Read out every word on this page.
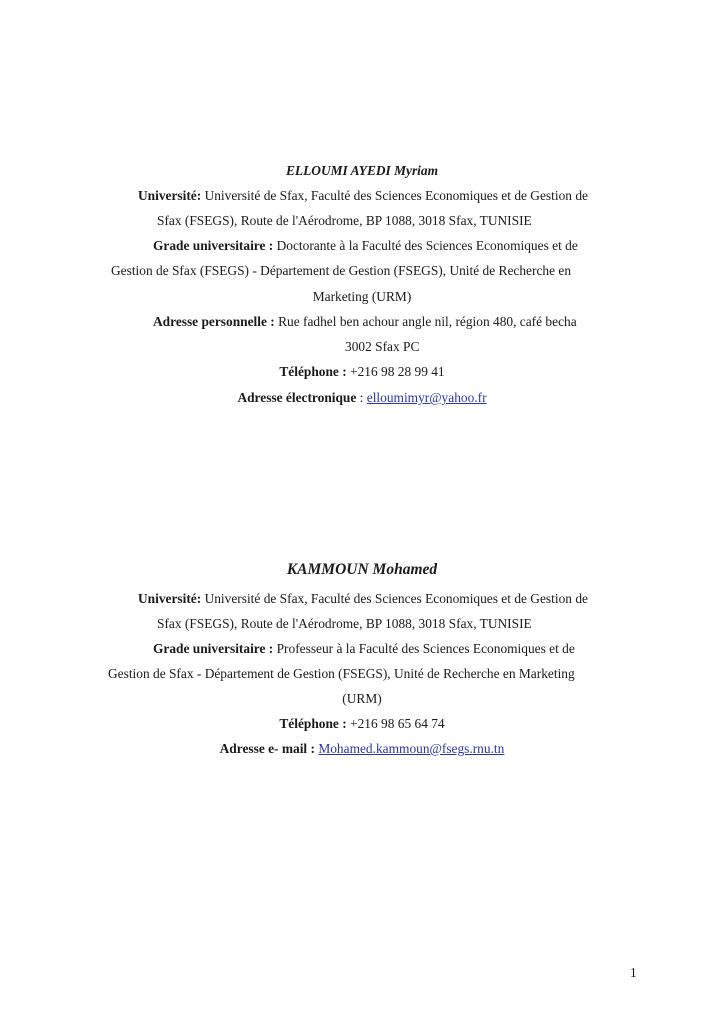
ELLOUMI AYEDI Myriam
Université: Université de Sfax, Faculté des Sciences Economiques et de Gestion de
Sfax (FSEGS), Route de l'Aérodrome, BP 1088, 3018 Sfax, TUNISIE
Grade universitaire : Doctorante à la Faculté des Sciences Economiques et de
Gestion de Sfax (FSEGS) - Département de Gestion (FSEGS), Unité de Recherche en
Marketing (URM)
Adresse personnelle : Rue fadhel ben achour angle nil, région 480, café becha
3002 Sfax PC
Téléphone : +216 98 28 99 41
Adresse électronique : elloumimyr@yahoo.fr
KAMMOUN Mohamed
Université: Université de Sfax, Faculté des Sciences Economiques et de Gestion de
Sfax (FSEGS), Route de l'Aérodrome, BP 1088, 3018 Sfax, TUNISIE
Grade universitaire : Professeur à la Faculté des Sciences Economiques et de
Gestion de Sfax - Département de Gestion (FSEGS), Unité de Recherche en Marketing
(URM)
Téléphone : +216 98 65 64 74
Adresse e- mail : Mohamed.kammoun@fsegs.rnu.tn
1
